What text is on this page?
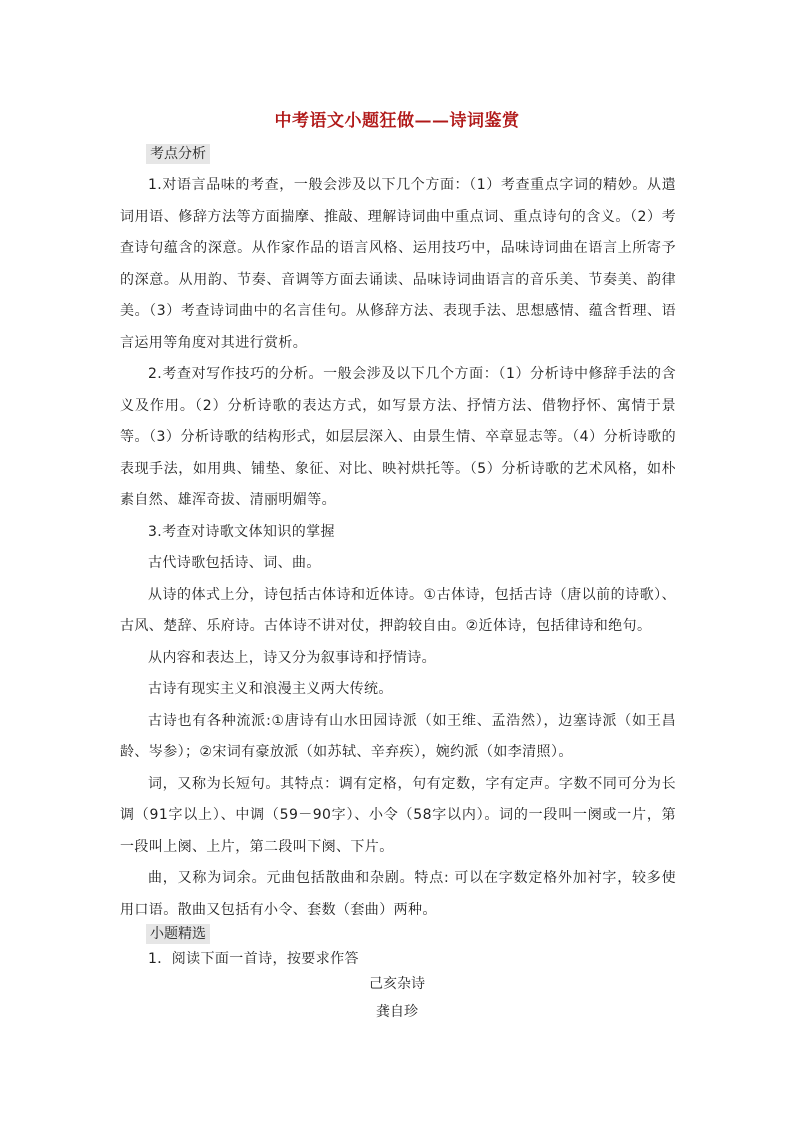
中考语文小题狂做——诗词鉴赏
考点分析

1.对语言品味的考查，一般会涉及以下几个方面：（1）考查重点字词的精妙。从遣词用语、修辞方法等方面揣摩、推敲、理解诗词曲中重点词、重点诗句的含义。（2）考查诗句蕴含的深意。从作家作品的语言风格、运用技巧中，品味诗词曲在语言上所寄予的深意。从用韵、节奏、音调等方面去诵读、品味诗词曲语言的音乐美、节奏美、韵律美。（3）考查诗词曲中的名言佳句。从修辞方法、表现手法、思想感情、蕴含哲理、语言运用等角度对其进行赏析。

2.考查对写作技巧的分析。一般会涉及以下几个方面：（1）分析诗中修辞手法的含义及作用。（2）分析诗歌的表达方式，如写景方法、抒情方法、借物抒怀、寓情于景等。（3）分析诗歌的结构形式，如层层深入、由景生情、卒章显志等。（4）分析诗歌的表现手法，如用典、铺垫、象征、对比、映衬烘托等。（5）分析诗歌的艺术风格，如朴素自然、雄浑奇拔、清丽明媚等。

3.考查对诗歌文体知识的掌握

古代诗歌包括诗、词、曲。

从诗的体式上分，诗包括古体诗和近体诗。①古体诗，包括古诗（唐以前的诗歌）、古风、楚辞、乐府诗。古体诗不讲对仗，押韵较自由。②近体诗，包括律诗和绝句。

从内容和表达上，诗又分为叙事诗和抒情诗。

古诗有现实主义和浪漫主义两大传统。

古诗也有各种流派:①唐诗有山水田园诗派（如王维、孟浩然），边塞诗派（如王昌龄、岑参）；②宋词有豪放派（如苏轼、辛弃疾），婉约派（如李清照）。

词，又称为长短句。其特点：调有定格，句有定数，字有定声。字数不同可分为长调（91字以上）、中调（59－90字）、小令（58字以内）。词的一段叫一阕或一片，第一段叫上阕、上片，第二段叫下阕、下片。

曲，又称为词余。元曲包括散曲和杂剧。特点: 可以在字数定格外加衬字，较多使用口语。散曲又包括有小令、套数（套曲）两种。

小题精选

1．阅读下面一首诗，按要求作答

己亥杂诗
龚自珍
